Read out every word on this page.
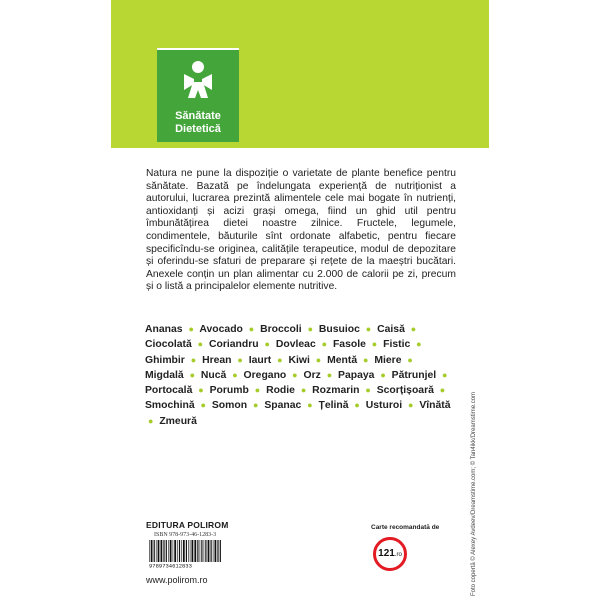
Sănătate
Dietetică
Natura ne pune la dispoziție o varietate de plante benefice pentru sănătate. Bazată pe îndelungata experiență de nutriționist a autorului, lucrarea prezintă alimentele cele mai bogate în nutrienți, antioxidanți și acizi grași omega, fiind un ghid util pentru îmbunătățirea dietei noastre zilnice. Fructele, legumele, condimentele, băuturile sînt ordonate alfabetic, pentru fiecare specificîndu-se originea, calitățile terapeutice, modul de depozitare și oferindu-se sfaturi de preparare și rețete de la maeștri bucătari. Anexele conțin un plan alimentar cu 2.000 de calorii pe zi, precum și o listă a principalelor elemente nutritive.
Ananas ● Avocado ● Broccoli ● Busuioc ● Caisă ● Ciocolată ● Coriandru ● Dovleac ● Fasole ● Fistic ● Ghimbir ● Hrean ● Iaurt ● Kiwi ● Mentă ● Miere ● Migdală ● Nucă ● Oregano ● Orz ● Papaya ● Pătrunjel ● Portocală ● Porumb ● Rodie ● Rozmarin ● Scorțișoară ● Smochină ● Somon ● Spanac ● Țelină ● Usturoi ● Vînătă ● Zmeură
EDITURA POLIROM
ISBN 978-973-46-1283-3
9789734612833
www.polirom.ro
Carte recomandată de
121.ro	Foto copertă © Alexey Avdeev/Dreamstime.com; © Tan4ikk/Dreamstime.com
